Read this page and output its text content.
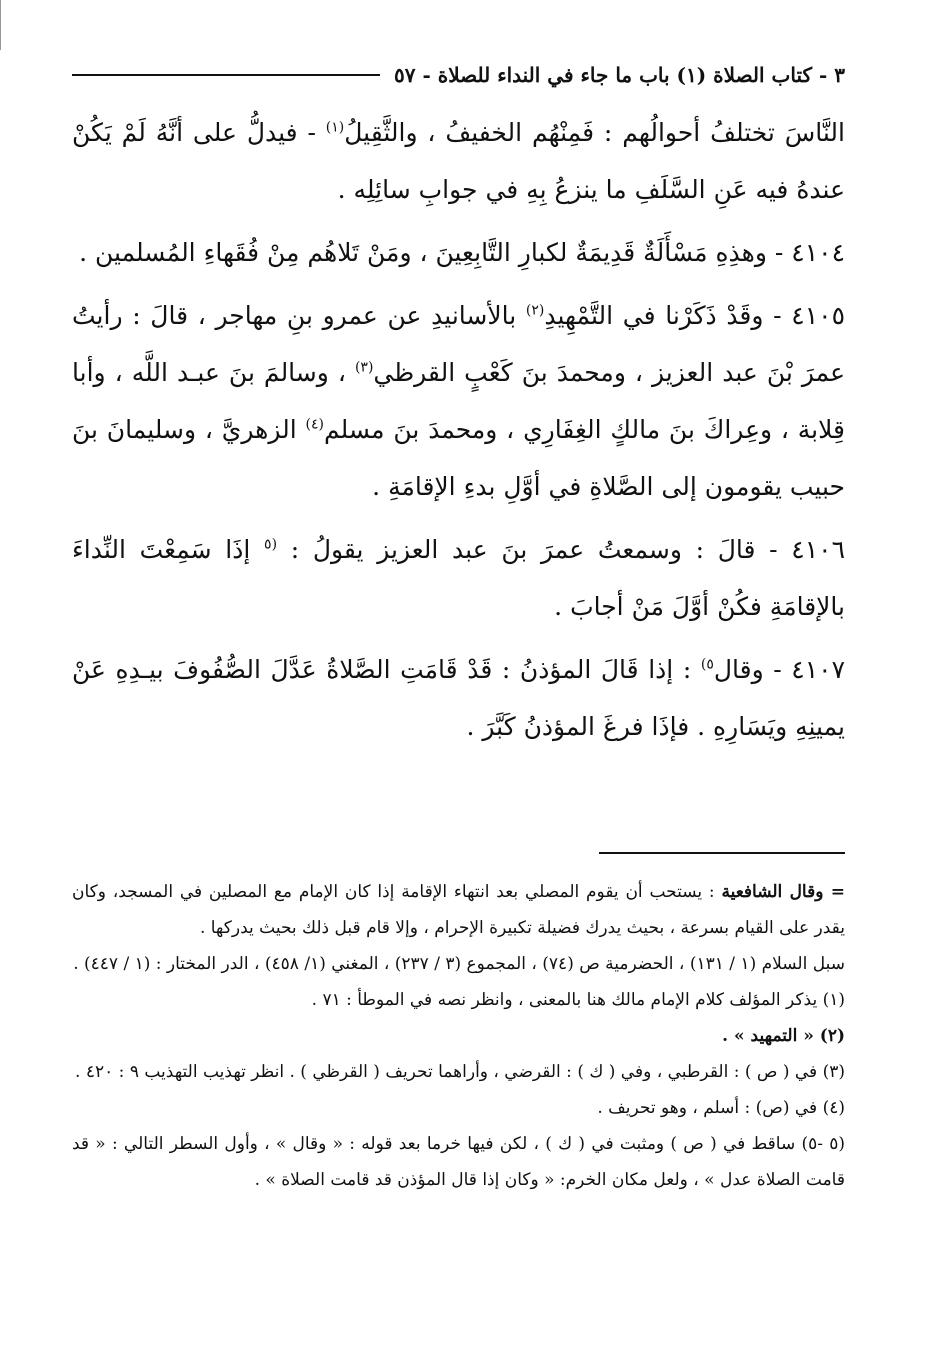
٣ - كتاب الصلاة (١) باب ما جاء في النداء للصلاة - ٥٧

النَّاسَ تختلفُ أحوالُهم : فَمِنْهُم الخفيفُ ، والثَّقِيلُ$^{(١)}$ - فيدلُّ على أنَّهُ لَمْ يَكُنْ عندهُ فيه عَنِ السَّلَفِ ما ينزعُ بِهِ في جوابِ سائِلِه .

٤١٠٤ - وهذِهِ مَسْأَلَةٌ قَدِيمَةٌ لكبارِ التَّابِعِينَ ، ومَنْ تَلاهُم مِنْ فُقَهاءِ المُسلمين .

٤١٠٥ - وقَدْ ذَكَرْنا في التَّمْهِيدِ$^{(٢)}$ بالأسانيدِ عن عمرو بنِ مهاجر ، قالَ : رأيتُ عمرَ بْنَ عبد العزيز ، ومحمدَ بنَ كَعْبٍ القرظي$^{(٣)}$ ، وسالمَ بنَ عبـد اللَّه ، وأبا قِلابة ، وعِراكَ بنَ مالكٍ الغِفَارِي ، ومحمدَ بنَ مسلم$^{(٤)}$ الزهريَّ ، وسليمانَ بنَ حبيب يقومون إلى الصَّلاةِ في أوَّلِ بدءِ الإقامَةِ .

٤١٠٦ - قالَ : وسمعتُ عمرَ بنَ عبد العزيز يقولُ : $^{(٥}$ إذَا سَمِعْتَ النِّداءَ بالإقامَةِ فكُنْ أوَّلَ مَنْ أجابَ .

٤١٠٧ - وقال$^{٥)}$ : إذا قَالَ المؤذنُ : قَدْ قَامَتِ الصَّلاةُ عَدَّلَ الصُّفُوفَ بيـدِهِ عَنْ يمينِهِ ويَسَارِهِ . فإذَا فرغَ المؤذنُ كَبَّرَ .

= وقال الشافعية : يستحب أن يقوم المصلي بعد انتهاء الإقامة إذا كان الإمام مع المصلين في المسجد، وكان يقدر على القيام بسرعة ، بحيث يدرك فضيلة تكبيرة الإحرام ، وإلا قام قبل ذلك بحيث يدركها .

سبل السلام (١ / ١٣١) ، الحضرمية ص (٧٤) ، المجموع (٣ / ٢٣٧) ، المغني (١/ ٤٥٨) ، الدر المختار : (١ / ٤٤٧) .

(١) يذكر المؤلف كلام الإمام مالك هنا بالمعنى ، وانظر نصه في الموطأ : ٧١ .

(٢) « التمهيد » .

(٣) في ( ص ) : القرطبي ، وفي ( ك ) : القرضي ، وأراهما تحريف ( القرظي ) . انظر تهذيب التهذيب ٩ : ٤٢٠ .

(٤) في (ص) : أسلم ، وهو تحريف .

(٥ -٥) ساقط في ( ص ) ومثبت في ( ك ) ، لكن فيها خرما بعد قوله : « وقال » ، وأول السطر التالي : « قد قامت الصلاة عدل » ، ولعل مكان الخرم: « وكان إذا قال المؤذن قد قامت الصلاة » .
